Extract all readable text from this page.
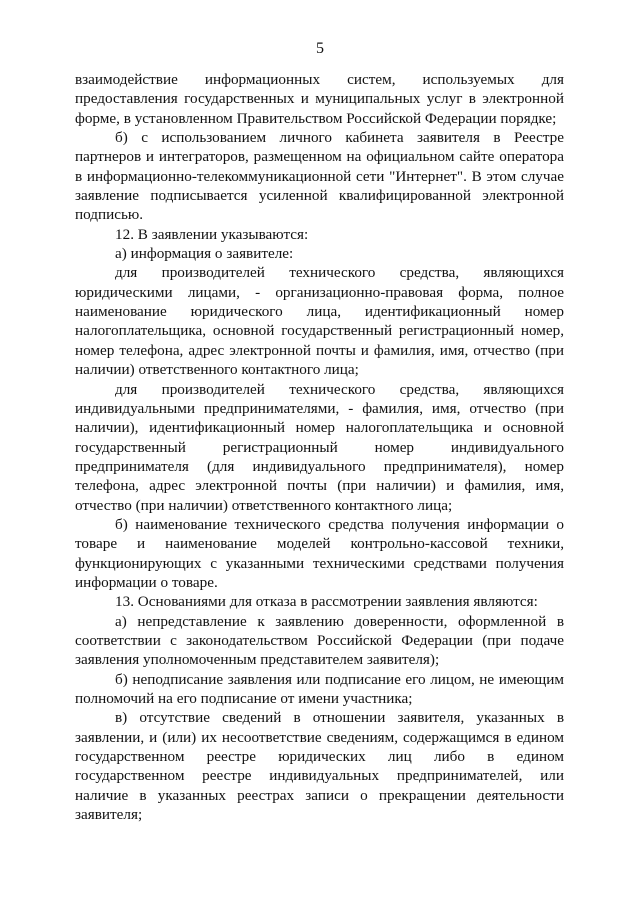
5

взаимодействие информационных систем, используемых для предоставления государственных и муниципальных услуг в электронной форме, в установленном Правительством Российской Федерации порядке;

б) с использованием личного кабинета заявителя в Реестре партнеров и интеграторов, размещенном на официальном сайте оператора в информационно-телекоммуникационной сети "Интернет". В этом случае заявление подписывается усиленной квалифицированной электронной подписью.

12. В заявлении указываются:

а) информация о заявителе:

для производителей технического средства, являющихся юридическими лицами, - организационно-правовая форма, полное наименование юридического лица, идентификационный номер налогоплательщика, основной государственный регистрационный номер, номер телефона, адрес электронной почты и фамилия, имя, отчество (при наличии) ответственного контактного лица;

для производителей технического средства, являющихся индивидуальными предпринимателями, - фамилия, имя, отчество (при наличии), идентификационный номер налогоплательщика и основной государственный регистрационный номер индивидуального предпринимателя (для индивидуального предпринимателя), номер телефона, адрес электронной почты (при наличии) и фамилия, имя, отчество (при наличии) ответственного контактного лица;

б) наименование технического средства получения информации о товаре и наименование моделей контрольно-кассовой техники, функционирующих с указанными техническими средствами получения информации о товаре.

13. Основаниями для отказа в рассмотрении заявления являются:

а) непредставление к заявлению доверенности, оформленной в соответствии с законодательством Российской Федерации (при подаче заявления уполномоченным представителем заявителя);

б) неподписание заявления или подписание его лицом, не имеющим полномочий на его подписание от имени участника;

в) отсутствие сведений в отношении заявителя, указанных в заявлении, и (или) их несоответствие сведениям, содержащимся в едином государственном реестре юридических лиц либо в едином государственном реестре индивидуальных предпринимателей, или наличие в указанных реестрах записи о прекращении деятельности заявителя;
